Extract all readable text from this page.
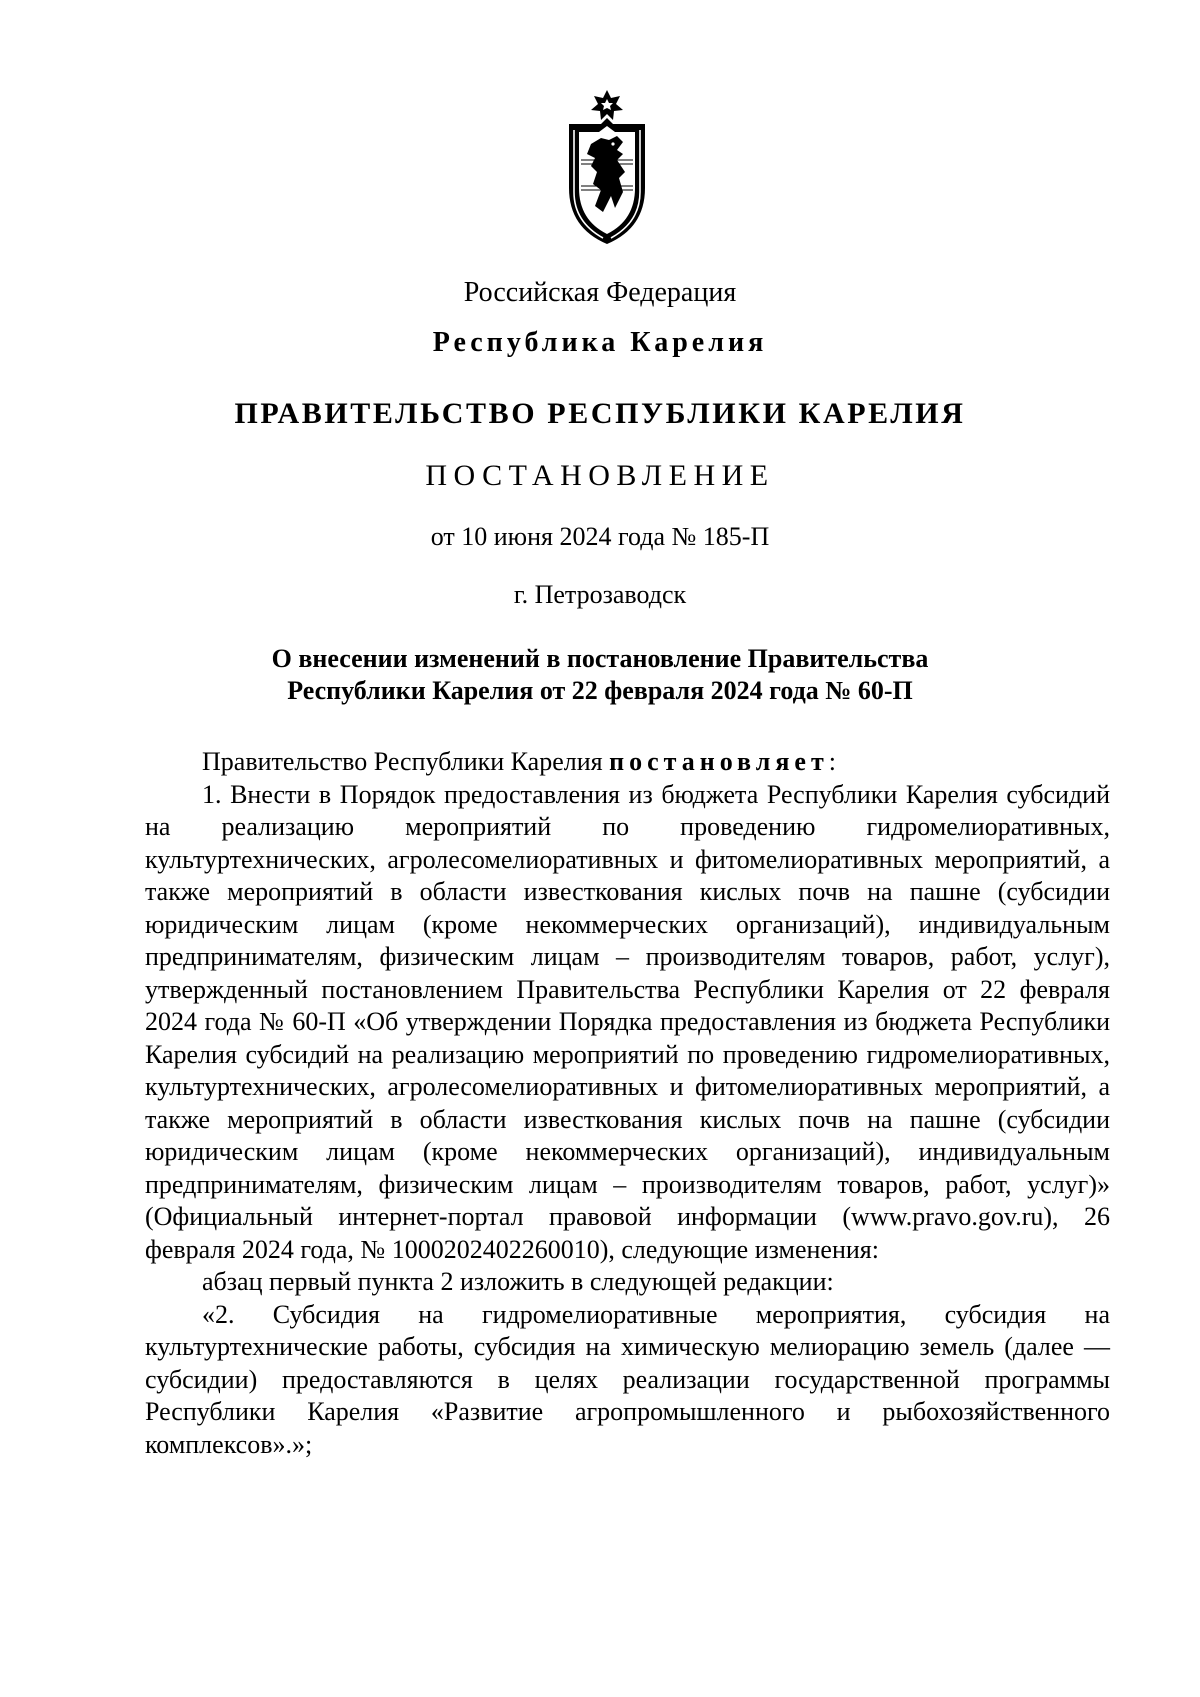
Российская Федерация
Республика Карелия
ПРАВИТЕЛЬСТВО РЕСПУБЛИКИ КАРЕЛИЯ
ПОСТАНОВЛЕНИЕ
от 10 июня 2024 года № 185-П
г. Петрозаводск
О внесении изменений в постановление Правительства
Республики Карелия от 22 февраля 2024 года № 60-П

Правительство Республики Карелия постановляет:

1. Внести в Порядок предоставления из бюджета Республики Карелия субсидий на реализацию мероприятий по проведению гидромелиоративных, культуртехнических, агролесомелиоративных и фитомелиоративных мероприятий, а также мероприятий в области известкования кислых почв на пашне (субсидии юридическим лицам (кроме некоммерческих организаций), индивидуальным предпринимателям, физическим лицам – производителям товаров, работ, услуг), утвержденный постановлением Правительства Республики Карелия от 22 февраля 2024 года № 60-П «Об утверждении Порядка предоставления из бюджета Республики Карелия субсидий на реализацию мероприятий по проведению гидромелиоративных, культуртехнических, агролесомелиоративных и фитомелиоративных мероприятий, а также мероприятий в области известкования кислых почв на пашне (субсидии юридическим лицам (кроме некоммерческих организаций), индивидуальным предпринимателям, физическим лицам – производителям товаров, работ, услуг)» (Официальный интернет-портал правовой информации (www.pravo.gov.ru), 26 февраля 2024 года, № 1000202402260010), следующие изменения:

абзац первый пункта 2 изложить в следующей редакции:

«2. Субсидия на гидромелиоративные мероприятия, субсидия на культуртехнические работы, субсидия на химическую мелиорацию земель (далее — субсидии) предоставляются в целях реализации государственной программы Республики Карелия «Развитие агропромышленного и рыбохозяйственного комплексов».»;
